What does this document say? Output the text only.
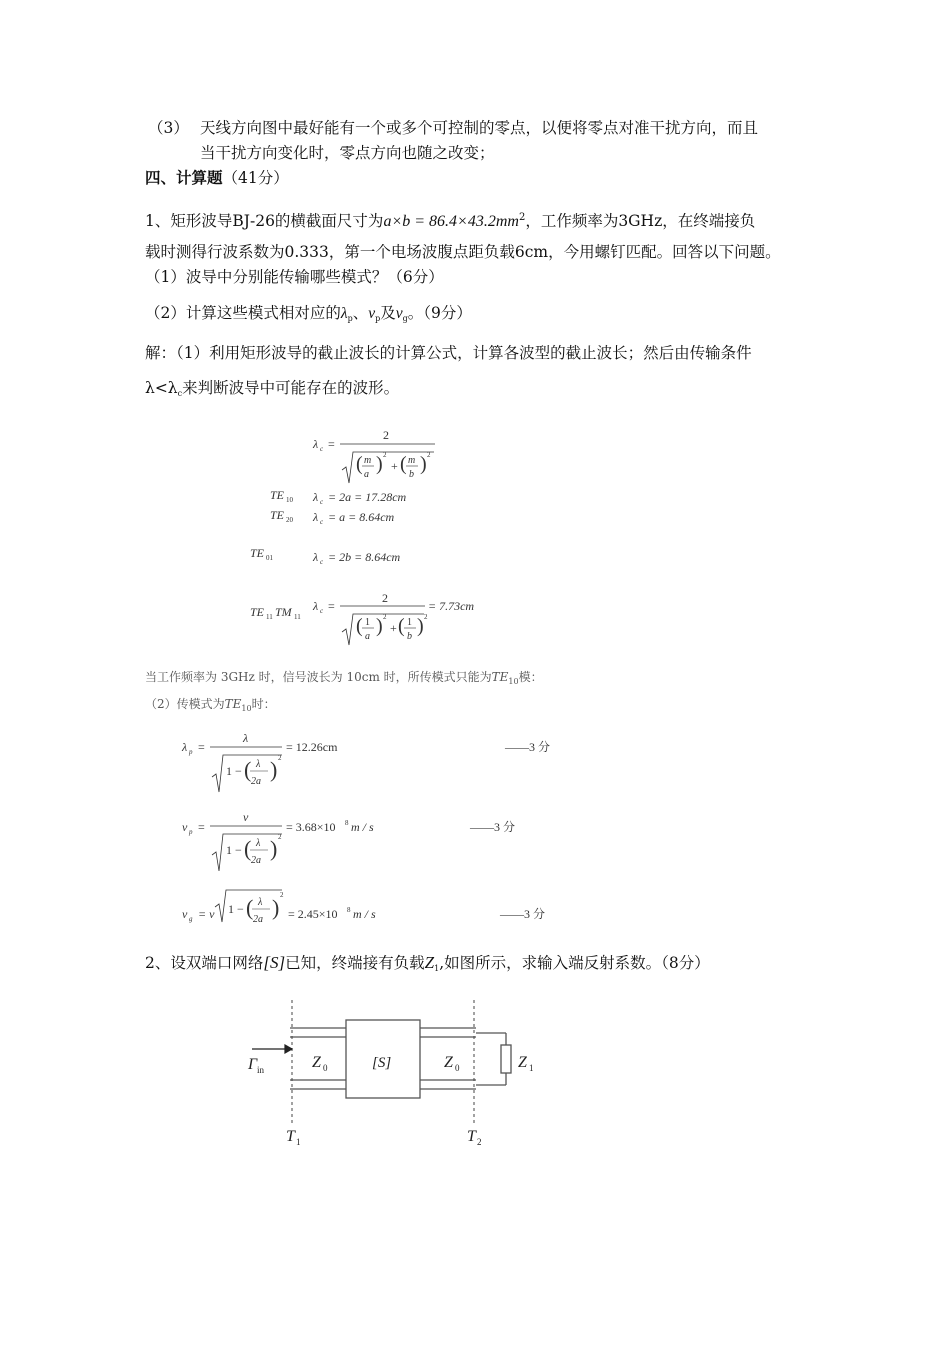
（3） 天线方向图中最好能有一个或多个可控制的零点，以便将零点对准干扰方向，而且
当干扰方向变化时，零点方向也随之改变；
四、计算题（41分）
1、矩形波导BJ-26的横截面尺寸为$a\times b = 86.4\times 43.2mm^2$，工作频率为3GHz，在终端接负
载时测得行波系数为0.333，第一个电场波腹点距负载6cm，今用螺钉匹配。回答以下问题。
（1）波导中分别能传输哪些模式？（6分）
（2）计算这些模式相对应的$\lambda_p$、$\nu_p$及$\nu_g$。（9分）
解：（1）利用矩形波导的截止波长的计算公式，计算各波型的截止波长；然后由传输条件
$\lambda<\lambda_c$来判断波导中可能存在的波形。
λ c =
2
( m
a ) 2
+ ( m
b ) 2
TE 10 λ c = 2a = 17.28cm
TE 20 λ c = a = 8.64cm
TE 01	λ c = 2b = 8.64cm
TE 11 TM 11
λ c =
2
( 1
a ) 2
+ ( 1
b ) 2
= 7.73cm
当工作频率为 3GHz 时，信号波长为 10cm 时，所传模式只能为$TE_{10}$模：
（2）传模式为$TE_{10}$时：
λ p =
λ
1 − ( λ
2a ) 2
= 12.26cm	——3 分
v p =
v
1 − ( λ
2a ) 2
= 3.68×10 8 m / s	——3 分
v g = v 1 − ( λ
2a ) 2
= 2.45×10 8 m / s	——3 分
2、设双端口网络[S]已知，终端接有负载$Z_1$,如图所示，求输入端反射系数。（8分）
Γ in	Z 0	[S]	Z 0	Z 1
T 1	T 2
